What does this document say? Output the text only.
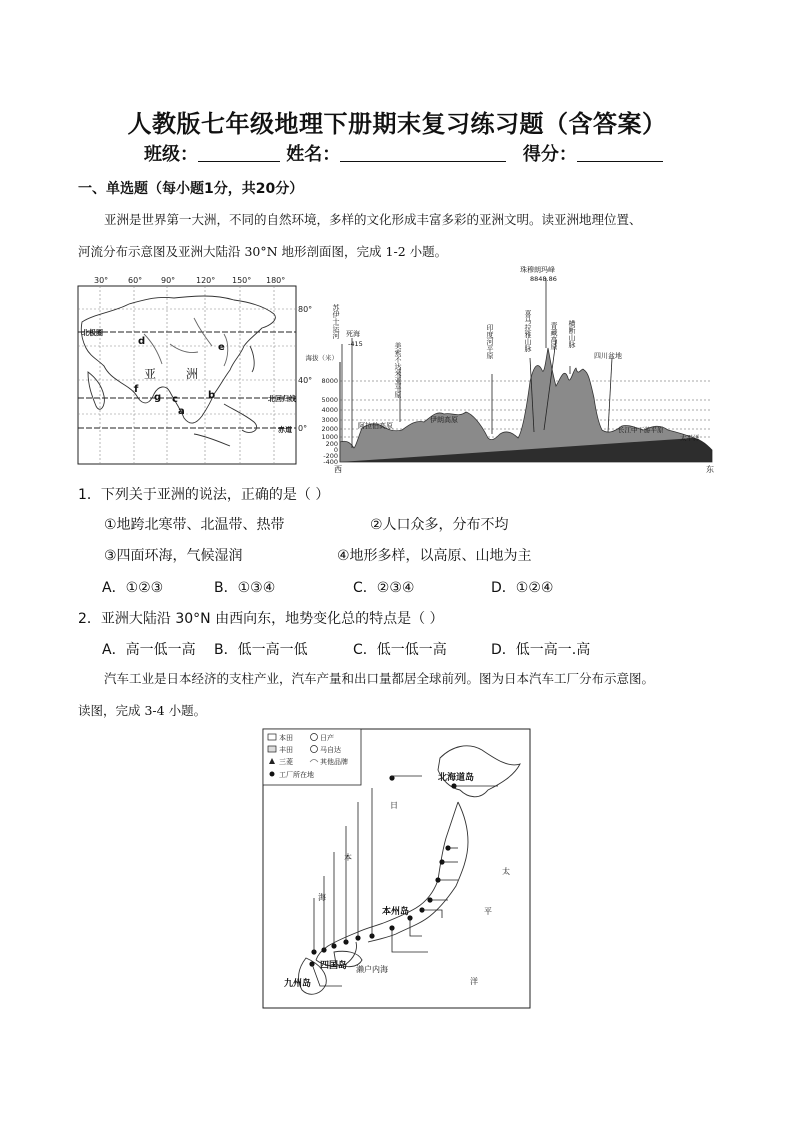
人教版七年级地理下册期末复习练习题（含答案）
班级：	姓名：	得分：
一、单选题（每小题1分，共20分）

亚洲是世界第一大洲，不同的自然环境，多样的文化形成丰富多彩的亚洲文明。读亚洲地理位置、

河流分布示意图及亚洲大陆沿 30°N 地形剖面图，完成 1-2 小题。
30° 60° 90°	120° 150° 180°
80°
40°
0°
北极圈
北回归线
赤道
亚 洲
a
b
c
d
e
f
g
海拔（米）
8000
5000
4000
3000
2000
1000
200
0
-200
-400
珠穆朗玛峰
8848.86
喜马拉雅山脉	青藏高原 横断山脉
四川盆地
印度河平原
苏伊士运河 死海
-415	美索不达米亚平原
阿拉伯高原
伊朗高原
长江中下游平原
太平洋
西	东
1．下列关于亚洲的说法，正确的是（ ）
①地跨北寒带、北温带、热带	②人口众多，分布不均
③四面环海，气候湿润	④地形多样，以高原、山地为主
A．①②③	B．①③④	C．②③④	D．①②④
2．亚洲大陆沿 30°N 由西向东，地势变化总的特点是（ ）
A．高一低一高 B．低一高一低	C．低一低一高	D．低一高一.高

汽车工业是日本经济的支柱产业，汽车产量和出口量都居全球前列。图为日本汽车工厂分布示意图。

读图，完成 3-4 小题。
本田	日产
丰田	马自达
三菱	其他品牌
工厂所在地	北海道岛
本州岛
四国岛
九州岛
濑户内海
日
本
海
太
平
洋
